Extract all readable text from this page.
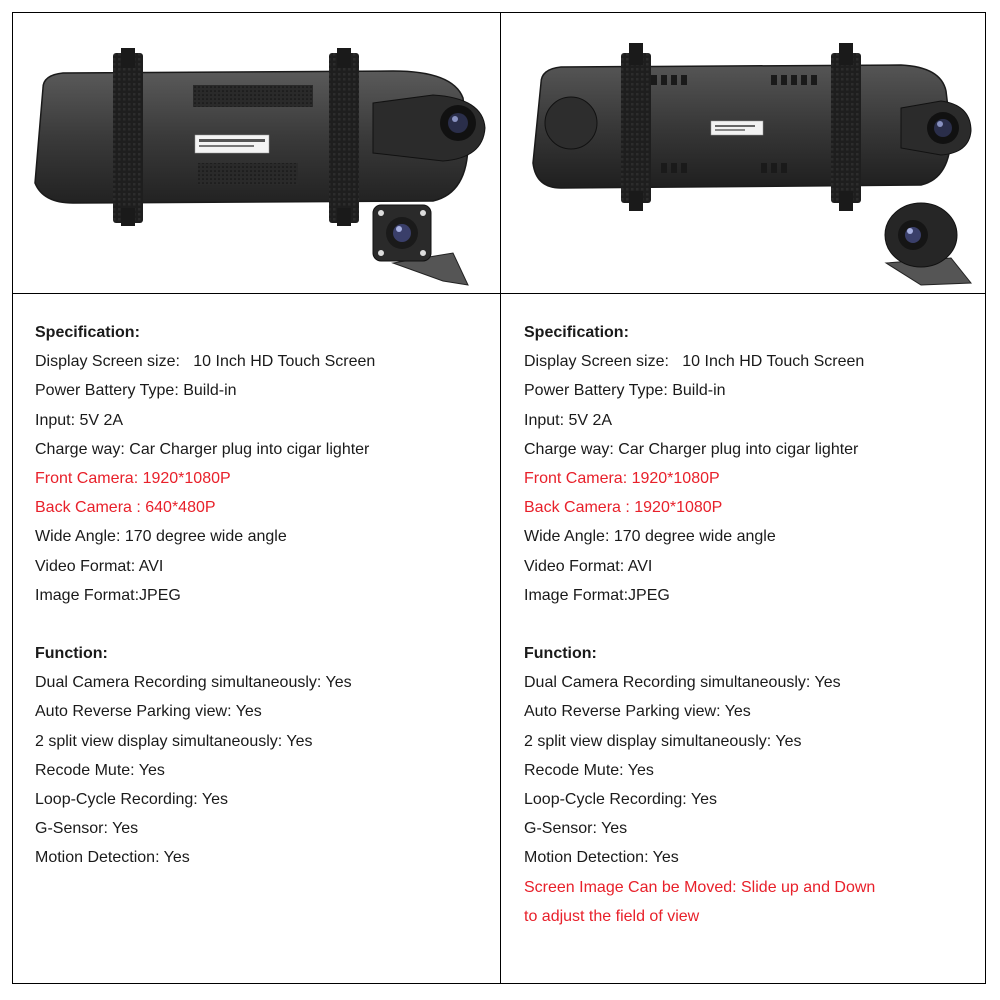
Specification:
Display Screen size:   10 Inch HD Touch Screen
Power Battery Type: Build-in
Input: 5V 2A
Charge way: Car Charger plug into cigar lighter
Front Camera: 1920*1080P
Back Camera : 640*480P
Wide Angle: 170 degree wide angle
Video Format: AVI
Image Format:JPEG
Function:
Dual Camera Recording simultaneously: Yes
Auto Reverse Parking view: Yes
2 split view display simultaneously: Yes
Recode Mute: Yes
Loop-Cycle Recording: Yes
G-Sensor: Yes
Motion Detection: Yes
Specification:
Display Screen size:   10 Inch HD Touch Screen
Power Battery Type: Build-in
Input: 5V 2A
Charge way: Car Charger plug into cigar lighter
Front Camera: 1920*1080P
Back Camera : 1920*1080P
Wide Angle: 170 degree wide angle
Video Format: AVI
Image Format:JPEG
Function:
Dual Camera Recording simultaneously: Yes
Auto Reverse Parking view: Yes
2 split view display simultaneously: Yes
Recode Mute: Yes
Loop-Cycle Recording: Yes
G-Sensor: Yes
Motion Detection: Yes
Screen Image Can be Moved: Slide up and Down
to adjust the field of view
